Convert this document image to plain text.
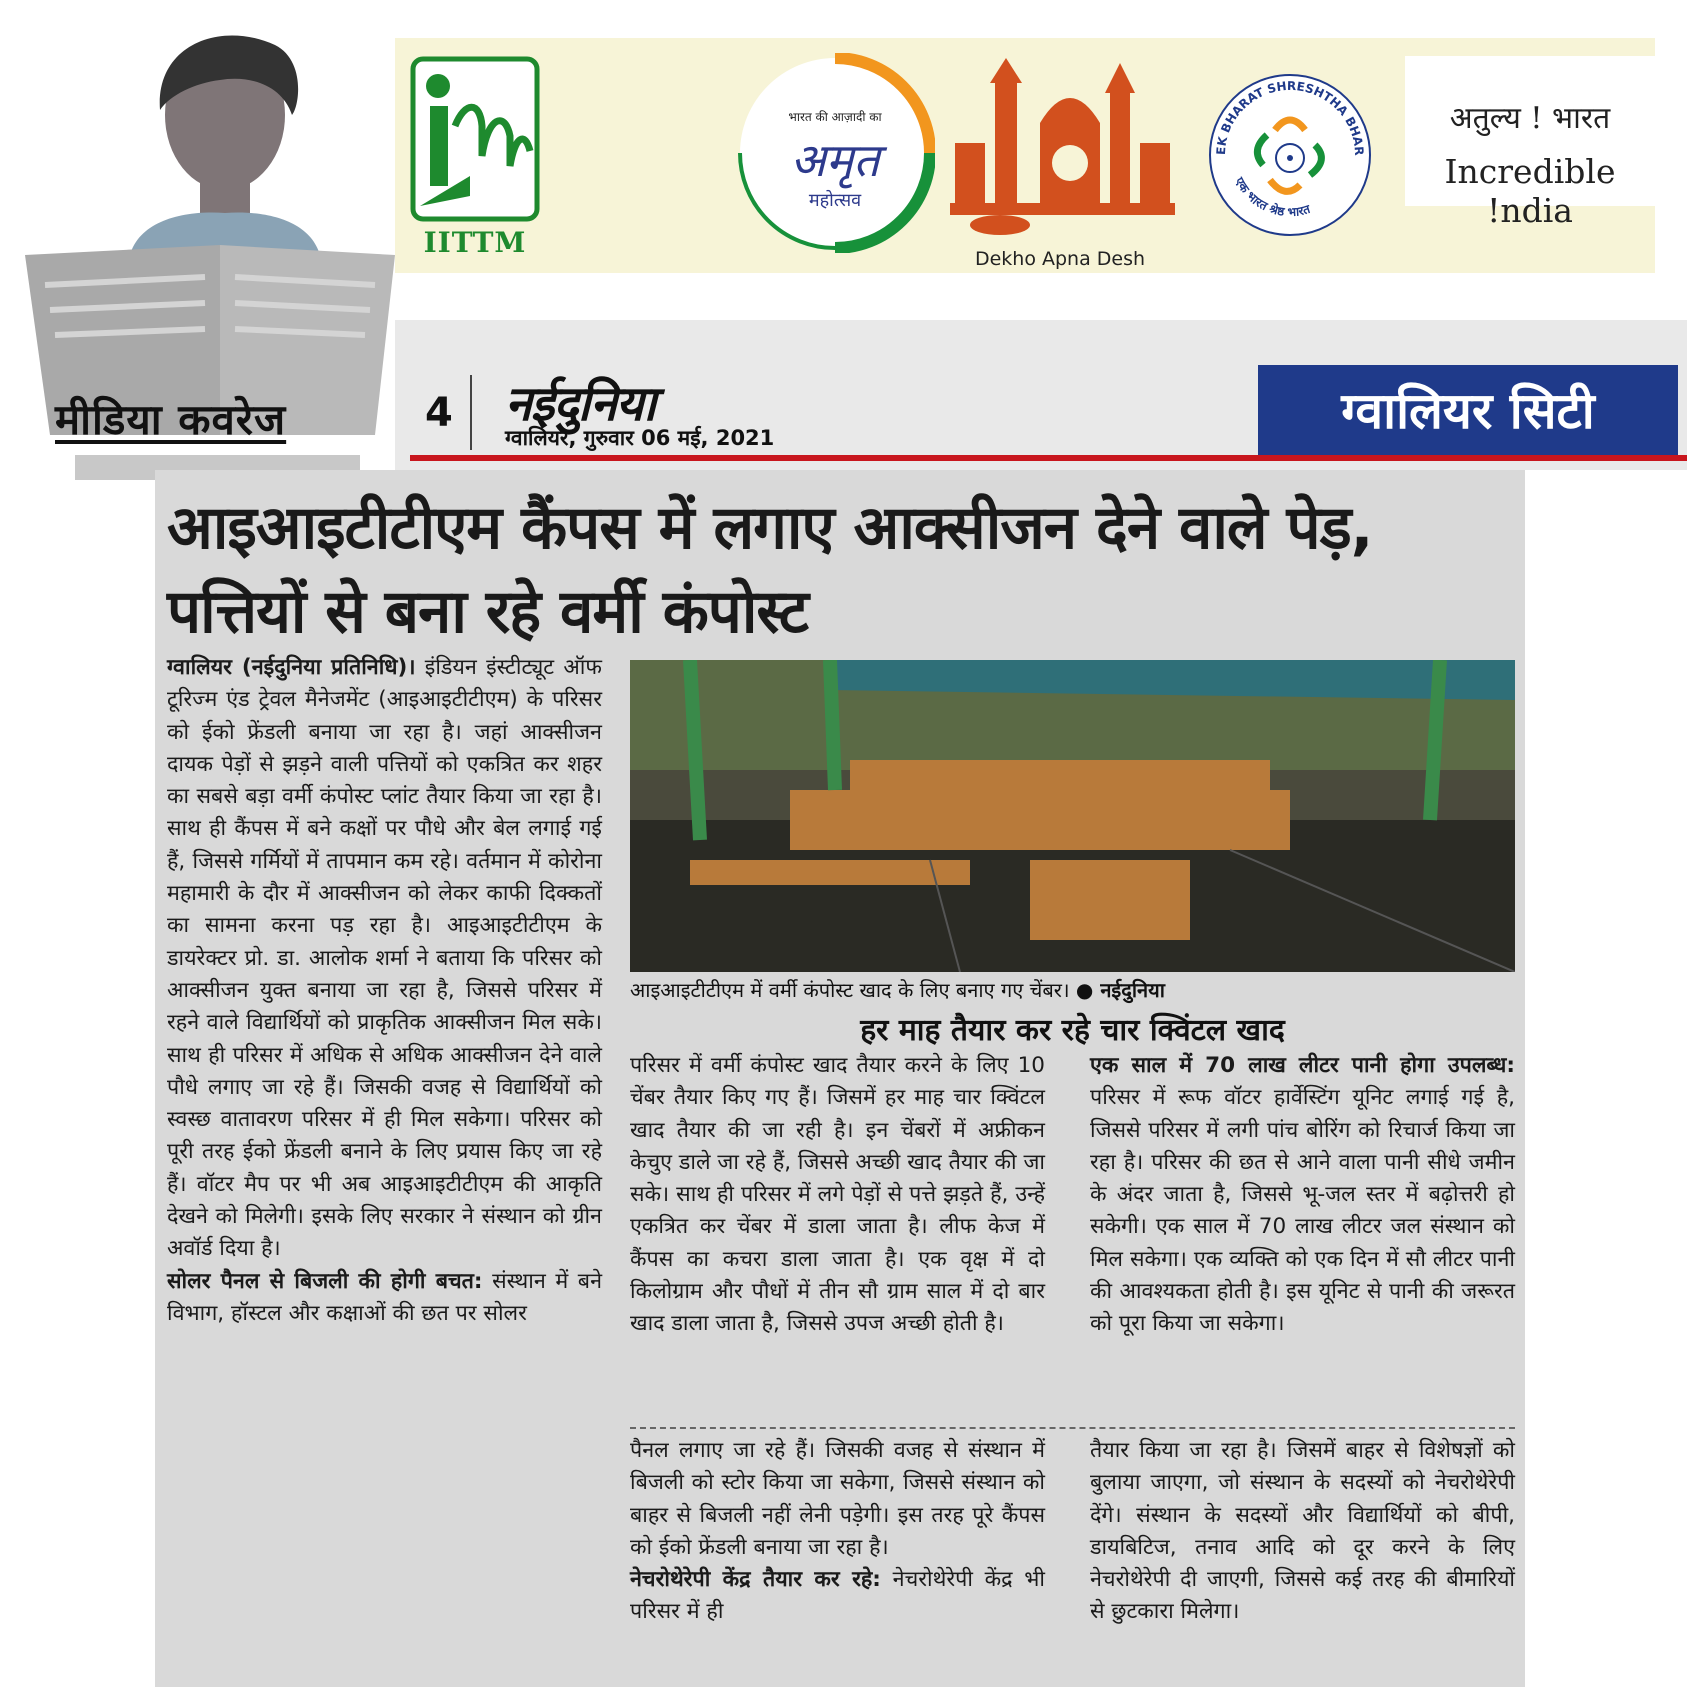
मीडिया कवरेज
IITTM
भारत की आज़ादी का
अमृत
महोत्सव
Dekho Apna Desh
EK BHARAT SHRESHTHA BHAR
एक भारत श्रेष्ठ भारत
अतुल्य ! भारत
Incredible !ndia
4 नईदुनिया
ग्वालियर, गुरुवार 06 मई, 2021	ग्वालियर सिटी
आइआइटीटीएम कैंपस में लगाए आक्सीजन देने वाले पेड़, पत्तियों से बना रहे वर्मी कंपोस्ट
ग्वालियर (नईदुनिया प्रतिनिधि)। इंडियन इंस्टीट्यूट ऑफ टूरिज्म एंड ट्रेवल मैनेजमेंट (आइआइटीटीएम) के परिसर को ईको फ्रेंडली बनाया जा रहा है। जहां आक्सीजन दायक पेड़ों से झड़ने वाली पत्तियों को एकत्रित कर शहर का सबसे बड़ा वर्मी कंपोस्ट प्लांट तैयार किया जा रहा है। साथ ही कैंपस में बने कक्षों पर पौधे और बेल लगाई गई हैं, जिससे गर्मियों में तापमान कम रहे। वर्तमान में कोरोना महामारी के दौर में आक्सीजन को लेकर काफी दिक्कतों का सामना करना पड़ रहा है। आइआइटीटीएम के डायरेक्टर प्रो. डा. आलोक शर्मा ने बताया कि परिसर को आक्सीजन युक्त बनाया जा रहा है, जिससे परिसर में रहने वाले विद्यार्थियों को प्राकृतिक आक्सीजन मिल सके। साथ ही परिसर में अधिक से अधिक आक्सीजन देने वाले पौधे लगाए जा रहे हैं। जिसकी वजह से विद्यार्थियों को स्वस्छ वातावरण परिसर में ही मिल सकेगा। परिसर को पूरी तरह ईको फ्रेंडली बनाने के लिए प्रयास किए जा रहे हैं। वॉटर मैप पर भी अब आइआइटीटीएम की आकृति देखने को मिलेगी। इसके लिए सरकार ने संस्थान को ग्रीन अवॉर्ड दिया है।
सोलर पैनल से बिजली की होगी बचत: संस्थान में बने विभाग, हॉस्टल और कक्षाओं की छत पर सोलर
आइआइटीटीएम में वर्मी कंपोस्ट खाद के लिए बनाए गए चेंबर। ● नईदुनिया
हर माह तैयार कर रहे चार क्विंटल खाद
परिसर में वर्मी कंपोस्ट खाद तैयार करने के लिए 10 चेंबर तैयार किए गए हैं। जिसमें हर माह चार क्विंटल खाद तैयार की जा रही है। इन चेंबरों में अफ्रीकन केचुए डाले जा रहे हैं, जिससे अच्छी खाद तैयार की जा सके। साथ ही परिसर में लगे पेड़ों से पत्ते झड़ते हैं, उन्हें एकत्रित कर चेंबर में डाला जाता है। लीफ केज में कैंपस का कचरा डाला जाता है। एक वृक्ष में दो किलोग्राम और पौधों में तीन सौ ग्राम साल में दो बार खाद डाला जाता है, जिससे उपज अच्छी होती है।
एक साल में 70 लाख लीटर पानी होगा उपलब्ध: परिसर में रूफ वॉटर हार्वेस्टिंग यूनिट लगाई गई है, जिससे परिसर में लगी पांच बोरिंग को रिचार्ज किया जा रहा है। परिसर की छत से आने वाला पानी सीधे जमीन के अंदर जाता है, जिससे भू-जल स्तर में बढ़ोत्तरी हो सकेगी। एक साल में 70 लाख लीटर जल संस्थान को मिल सकेगा। एक व्यक्ति को एक दिन में सौ लीटर पानी की आवश्यकता होती है। इस यूनिट से पानी की जरूरत को पूरा किया जा सकेगा।
पैनल लगाए जा रहे हैं। जिसकी वजह से संस्थान में बिजली को स्टोर किया जा सकेगा, जिससे संस्थान को बाहर से बिजली नहीं लेनी पड़ेगी। इस तरह पूरे कैंपस को ईको फ्रेंडली बनाया जा रहा है।
नेचरोथेरेपी केंद्र तैयार कर रहे: नेचरोथेरेपी केंद्र भी परिसर में ही
तैयार किया जा रहा है। जिसमें बाहर से विशेषज्ञों को बुलाया जाएगा, जो संस्थान के सदस्यों को नेचरोथेरेपी देंगे। संस्थान के सदस्यों और विद्यार्थियों को बीपी, डायबिटिज, तनाव आदि को दूर करने के लिए नेचरोथेरेपी दी जाएगी, जिससे कई तरह की बीमारियों से छुटकारा मिलेगा।
